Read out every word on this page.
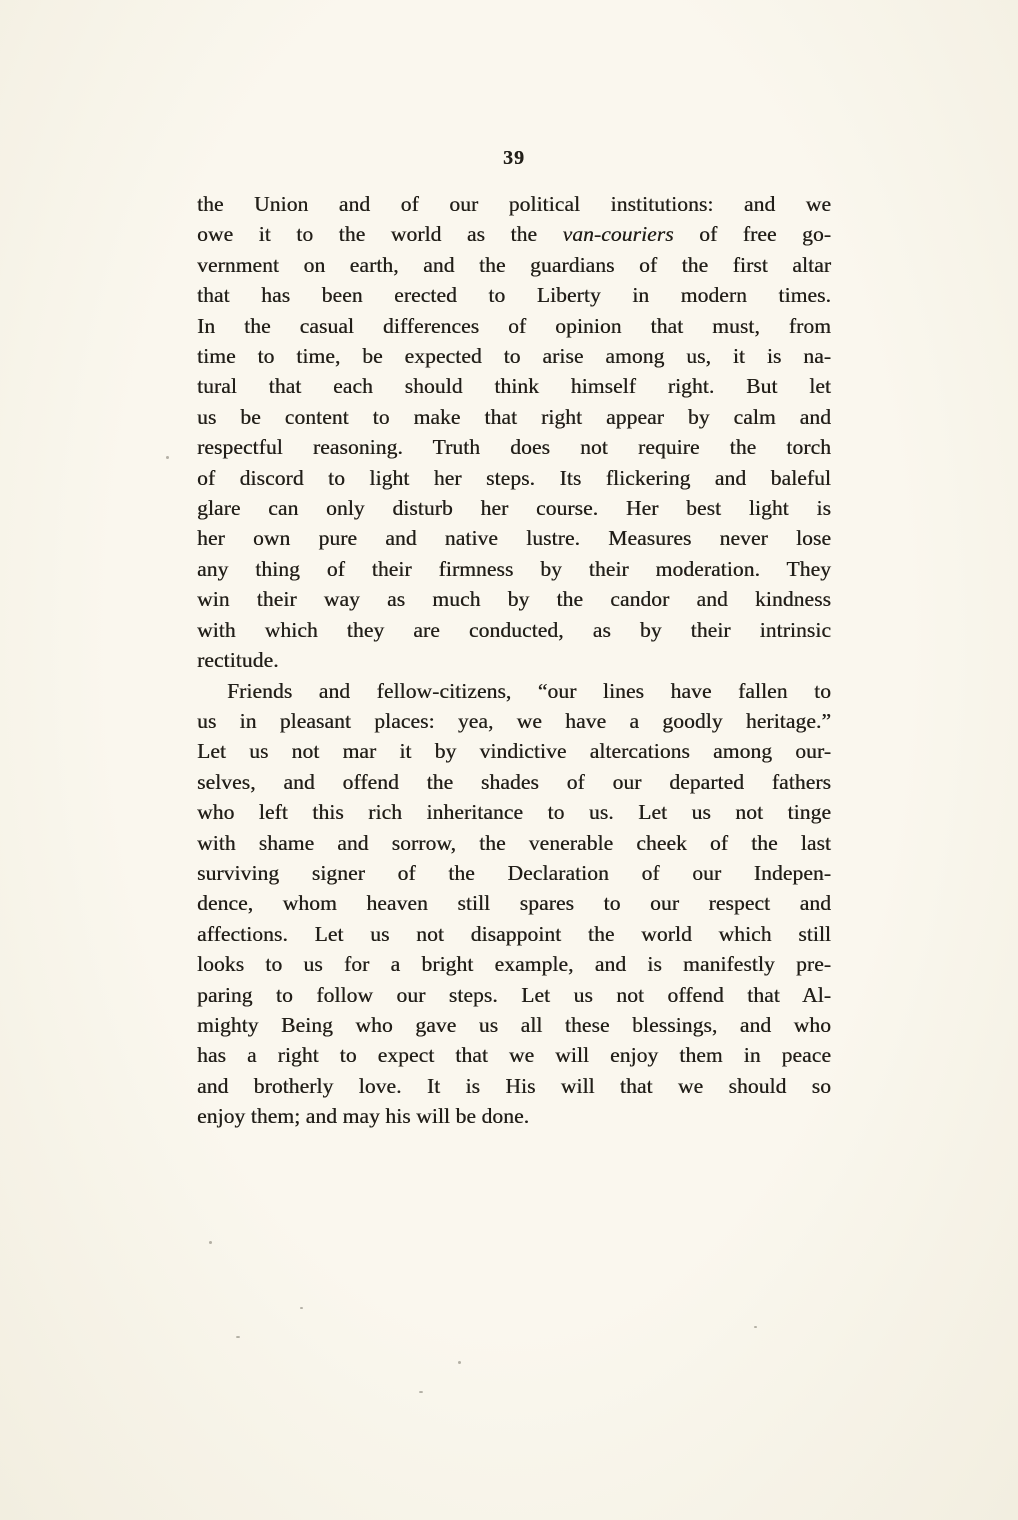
39
the Union and of our political institutions: and we
owe it to the world as the van-couriers of free go-
vernment on earth, and the guardians of the first altar
that has been erected to Liberty in modern times.
In the casual differences of opinion that must, from
time to time, be expected to arise among us, it is na-
tural that each should think himself right. But let
us be content to make that right appear by calm and
respectful reasoning. Truth does not require the torch
of discord to light her steps. Its flickering and baleful
glare can only disturb her course. Her best light is
her own pure and native lustre. Measures never lose
any thing of their firmness by their moderation. They
win their way as much by the candor and kindness
with which they are conducted, as by their intrinsic
rectitude.
Friends and fellow-citizens, “our lines have fallen to
us in pleasant places: yea, we have a goodly heritage.”
Let us not mar it by vindictive altercations among our-
selves, and offend the shades of our departed fathers
who left this rich inheritance to us. Let us not tinge
with shame and sorrow, the venerable cheek of the last
surviving signer of the Declaration of our Indepen-
dence, whom heaven still spares to our respect and
affections. Let us not disappoint the world which still
looks to us for a bright example, and is manifestly pre-
paring to follow our steps. Let us not offend that Al-
mighty Being who gave us all these blessings, and who
has a right to expect that we will enjoy them in peace
and brotherly love. It is His will that we should so
enjoy them; and may his will be done.
